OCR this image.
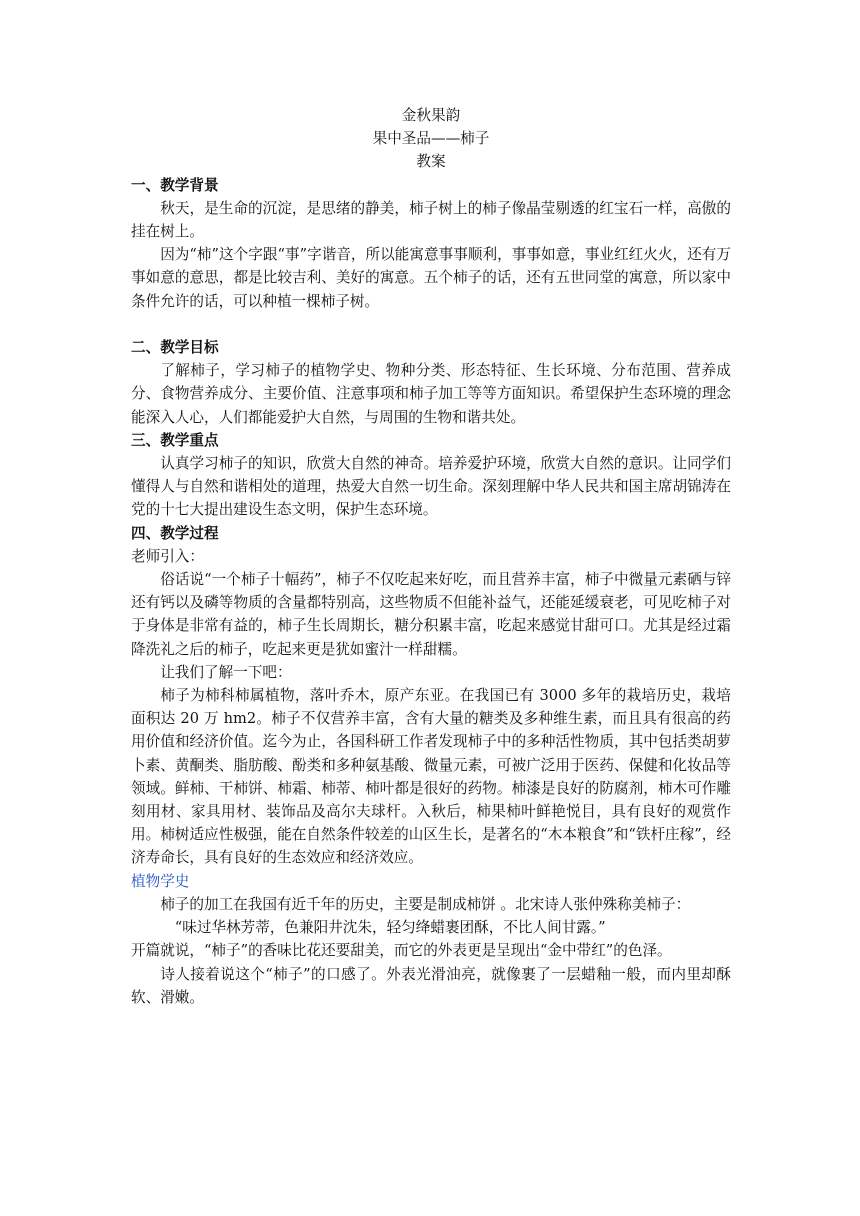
金秋果韵
果中圣品——柿子
教案
一、教学背景

秋天，是生命的沉淀，是思绪的静美，柿子树上的柿子像晶莹剔透的红宝石一样，高傲的挂在树上。

因为“柿”这个字跟“事”字谐音，所以能寓意事事顺利，事事如意，事业红红火火，还有万事如意的意思，都是比较吉利、美好的寓意。五个柿子的话，还有五世同堂的寓意，所以家中条件允许的话，可以种植一棵柿子树。

二、教学目标

了解柿子，学习柿子的植物学史、物种分类、形态特征、生长环境、分布范围、营养成分、食物营养成分、主要价值、注意事项和柿子加工等等方面知识。希望保护生态环境的理念能深入人心，人们都能爱护大自然，与周围的生物和谐共处。

三、教学重点

认真学习柿子的知识，欣赏大自然的神奇。培养爱护环境，欣赏大自然的意识。让同学们懂得人与自然和谐相处的道理，热爱大自然一切生命。深刻理解中华人民共和国主席胡锦涛在党的十七大提出建设生态文明，保护生态环境。

四、教学过程
老师引入：

俗话说“一个柿子十幅药”，柿子不仅吃起来好吃，而且营养丰富，柿子中微量元素硒与锌还有钙以及磷等物质的含量都特别高，这些物质不但能补益气，还能延缓衰老，可见吃柿子对于身体是非常有益的，柿子生长周期长，糖分积累丰富，吃起来感觉甘甜可口。尤其是经过霜降洗礼之后的柿子，吃起来更是犹如蜜汁一样甜糯。

让我们了解一下吧：

柿子为柿科柿属植物，落叶乔木，原产东亚。在我国已有 3000 多年的栽培历史，栽培面积达 20 万 hm2。柿子不仅营养丰富，含有大量的糖类及多种维生素，而且具有很高的药用价值和经济价值。迄今为止，各国科研工作者发现柿子中的多种活性物质，其中包括类胡萝卜素、黄酮类、脂肪酸、酚类和多种氨基酸、微量元素，可被广泛用于医药、保健和化妆品等领域。鲜柿、干柿饼、柿霜、柿蒂、柿叶都是很好的药物。柿漆是良好的防腐剂，柿木可作雕刻用材、家具用材、装饰品及高尔夫球杆。入秋后，柿果柿叶鲜艳悦目，具有良好的观赏作用。柿树适应性极强，能在自然条件较差的山区生长，是著名的“木本粮食”和“铁杆庄稼”，经济寿命长，具有良好的生态效应和经济效应。

植物学史

柿子的加工在我国有近千年的历史，主要是制成柿饼 。北宋诗人张仲殊称美柿子：

“味过华林芳蒂，色兼阳井沈朱，轻匀绛蜡裹团酥，不比人间甘露。”

开篇就说，“柿子”的香味比花还要甜美，而它的外表更是呈现出“金中带红”的色泽。

诗人接着说这个“柿子”的口感了。外表光滑油亮，就像裹了一层蜡釉一般，而内里却酥软、滑嫩。
